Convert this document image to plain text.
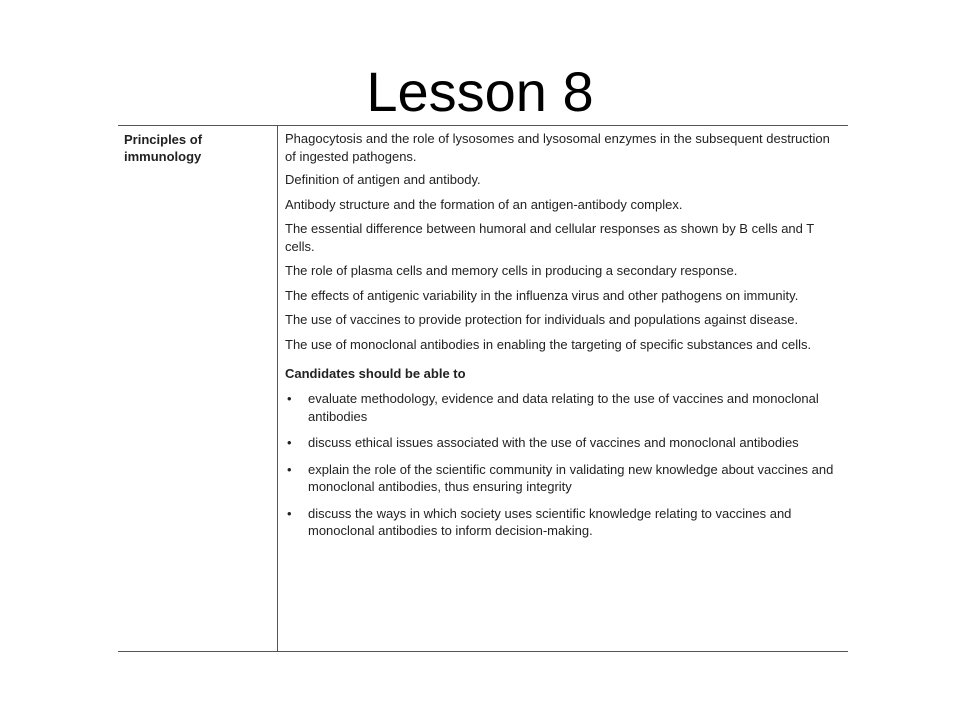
Lesson 8
Principles of immunology

Phagocytosis and the role of lysosomes and lysosomal enzymes in the subsequent destruction of ingested pathogens.

Definition of antigen and antibody.

Antibody structure and the formation of an antigen-antibody complex.

The essential difference between humoral and cellular responses as shown by B cells and T cells.

The role of plasma cells and memory cells in producing a secondary response.

The effects of antigenic variability in the influenza virus and other pathogens on immunity.

The use of vaccines to provide protection for individuals and populations against disease.

The use of monoclonal antibodies in enabling the targeting of specific substances and cells.

Candidates should be able to
• evaluate methodology, evidence and data relating to the use of vaccines and monoclonal antibodies
• discuss ethical issues associated with the use of vaccines and monoclonal antibodies
• explain the role of the scientific community in validating new knowledge about vaccines and monoclonal antibodies, thus ensuring integrity
• discuss the ways in which society uses scientific knowledge relating to vaccines and monoclonal antibodies to inform decision-making.
